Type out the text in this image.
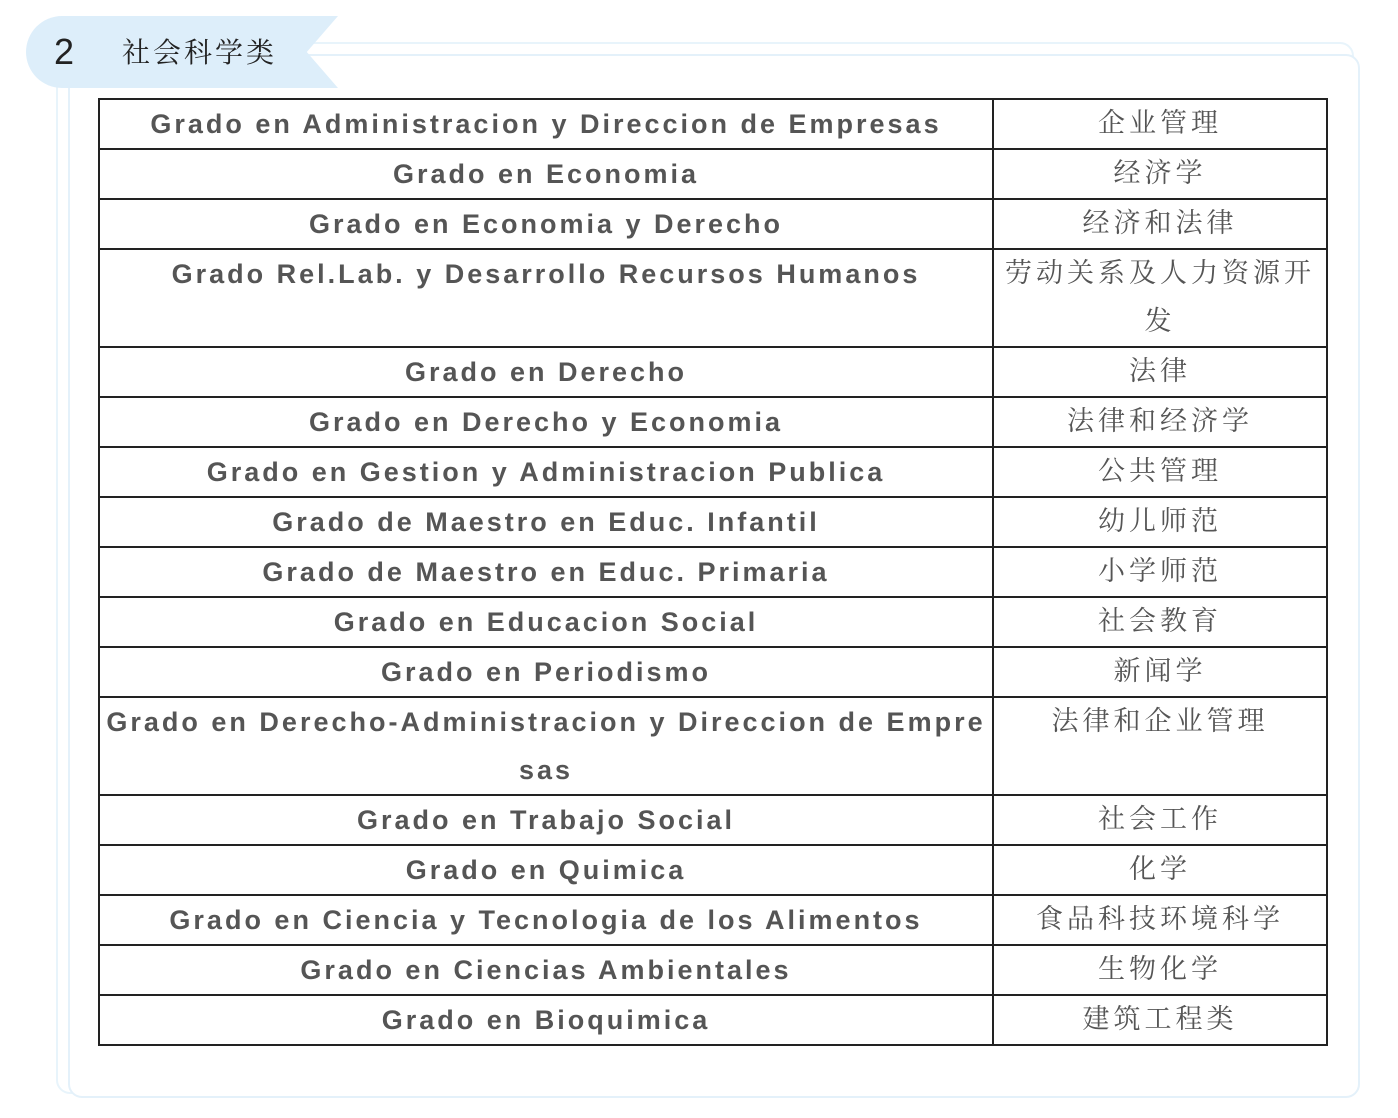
2 社会科学类
Grado en Administracion y Direccion de Empresas	企业管理
Grado en Economia	经济学
Grado en Economia y Derecho	经济和法律
Grado Rel.Lab. y Desarrollo Recursos Humanos	劳动关系及人力资源开发
Grado en Derecho	法律
Grado en Derecho y Economia	法律和经济学
Grado en Gestion y Administracion Publica	公共管理
Grado de Maestro en Educ. Infantil	幼儿师范
Grado de Maestro en Educ. Primaria	小学师范
Grado en Educacion Social	社会教育
Grado en Periodismo	新闻学
Grado en Derecho-Administracion y Direccion de Empresas	法律和企业管理
Grado en Trabajo Social	社会工作
Grado en Quimica	化学
Grado en Ciencia y Tecnologia de los Alimentos	食品科技环境科学
Grado en Ciencias Ambientales	生物化学
Grado en Bioquimica	建筑工程类
